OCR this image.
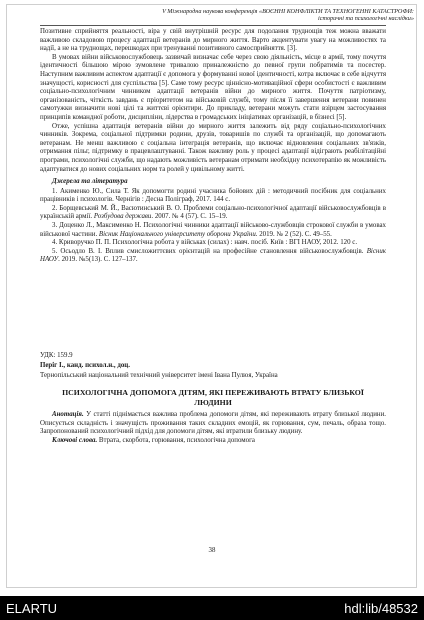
V Міжнародна наукова конференція «ВОЄННІ КОНФЛІКТИ ТА ТЕХНОГЕННІ КАТАСТРОФИ:
історичні та психологічні наслідки»

Позитивне сприйняття реальності, віра у свій внутрішній ресурс для подолання труднощів теж можна вважати важливою складовою процесу адаптації ветеранів до мирного життя. Варто акцентувати увагу на можливостях та надії, а не на труднощах, перешкодах при тренуванні позитивного самосприйняття. [3].

В умовах війни військовослужбовець зазвичай визначає себе через свою діяльність, місце в армії, тому почуття ідентичності більшою мірою зумовлене тривалою приналежністю до певної групи побратимів та посестер. Наступним важливим аспектом адаптації є допомога у формуванні нової ідентичності, котра включає в себе відчуття значущості, корисності для суспільства [5]. Саме тому ресурс ціннісно-мотиваційної сфери особистості є важливим соціально-психологічним чинником адаптації ветеранів війни до мирного життя. Почуття патріотизму, організованість, чіткість завдань є пріоритетом на військовій службі, тому після її завершення ветерани повинен самотужки визначити нові цілі та життєві орієнтири. До прикладу, ветерани можуть стати взірцем застосування принципів командної роботи, дисципліни, лідерства в громадських ініціативах організацій, в бізнесі [5].

Отже, успішна адаптація ветеранів війни до мирного життя залежить від ряду соціально-психологічних чинників. Зокрема, соціальної підтримки родини, друзів, товаришів по службі та організацій, що допомагають ветеранам. Не менш важливою є соціальна інтеграція ветеранів, що включає відновлення соціальних зв'язків, отримання пільг, підтримку в працевлаштуванні. Також важливу роль у процесі адаптації відіграють реабілітаційні програми, психологічні служби, що надають можливість ветеранам отримати необхідну психотерапію як можливість адаптуватися до нових соціальних норм та ролей у цивільному житті.

Джерела та література

1. Акименко Ю., Сила Т. Як допомогти родині учасника бойових дій : методичний посібник для соціальних працівників і психологів. Чернігів : Десна Поліграф, 2017. 144 с.

2. Борщевський М. Й., Васютинський В. О. Проблеми соціально-психологічної адаптації військовослужбовців в українській армії. Розбудова держави. 2007. № 4 (57). С. 15–19.

3. Доценко Л., Максименко Н. Психологічні чинники адаптації військово-службовців строкової служби в умовах військової частини. Вісник Національного університету оборони України. 2019. № 2 (52). С. 49–55.

4. Криворучко П. П. Психологічна робота у військах (силах) : навч. посіб. Київ : ВГІ НАОУ, 2012. 120 с.

5. Осьодло В. І. Вплив смисложиттєвих орієнтацій на професійне становлення військовослужбовців. Вісник НАОУ. 2019. №5(13). С. 127–137.

УДК: 159.9
Періг І., канд. психол.н., доц.
Тернопільський національний технічний університет імені Івана Пулюя, Україна
ПСИХОЛОГІЧНА ДОПОМОГА ДІТЯМ, ЯКІ ПЕРЕЖИВАЮТЬ ВТРАТУ БЛИЗЬКОЇ
ЛЮДИНИ

Анотація. У статті піднімається важлива проблема допомоги дітям, які переживають втрату близької людини. Описується складність і значущість проживання таких складних емоцій, як горювання, сум, печаль, образа тощо. Запропонований психологічний підхід для допомоги дітям, які втратили близьку людину.

Ключові слова. Втрата, скорбота, горювання, психологічна допомога

38
ELARTU	hdl:lib/48532
